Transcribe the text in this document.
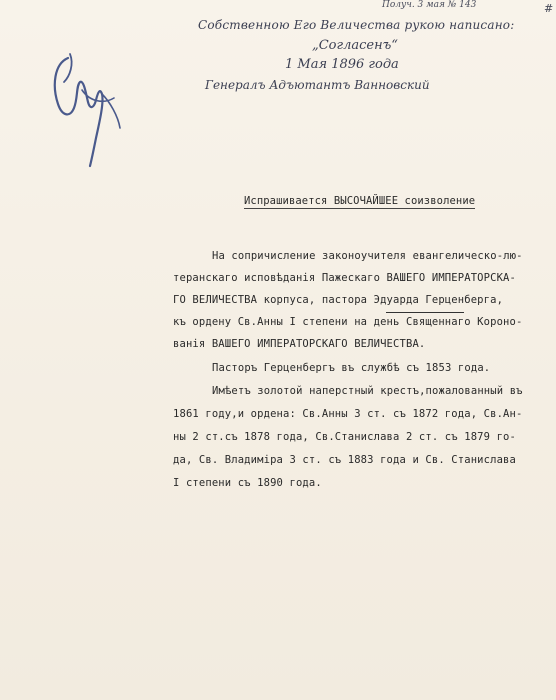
Получ. 3 мая № 143	#
Собственною Его Величества рукою написано:
„Согласенъ“
1 Мая 1896 года
Генералъ Адъютантъ Ванновский
Испрашивается ВЫСОЧАЙШЕЕ соизволение
На сопричисление законоучителя евангелическо-лю-
теранскаго исповѣданія Пажескаго ВАШЕГО ИМПЕРАТОРСКА-
ГО ВЕЛИЧЕСТВА корпуса, пастора Эдуарда Герценберга,
къ ордену Св.Анны I степени на день Священнаго Короно-
ванія ВАШЕГО ИМПЕРАТОРСКАГО ВЕЛИЧЕСТВА.
Пасторъ Герценбергъ въ службѣ съ 1853 года.
Имѣетъ золотой наперстный крестъ,пожалованный въ
1861 году,и ордена: Св.Анны 3 ст. съ 1872 года, Св.Ан-
ны 2 ст.съ 1878 года, Св.Станислава 2 ст. съ 1879 го-
да, Св. Владиміра 3 ст. съ 1883 года и Св. Станислава
I степени съ 1890 года.
